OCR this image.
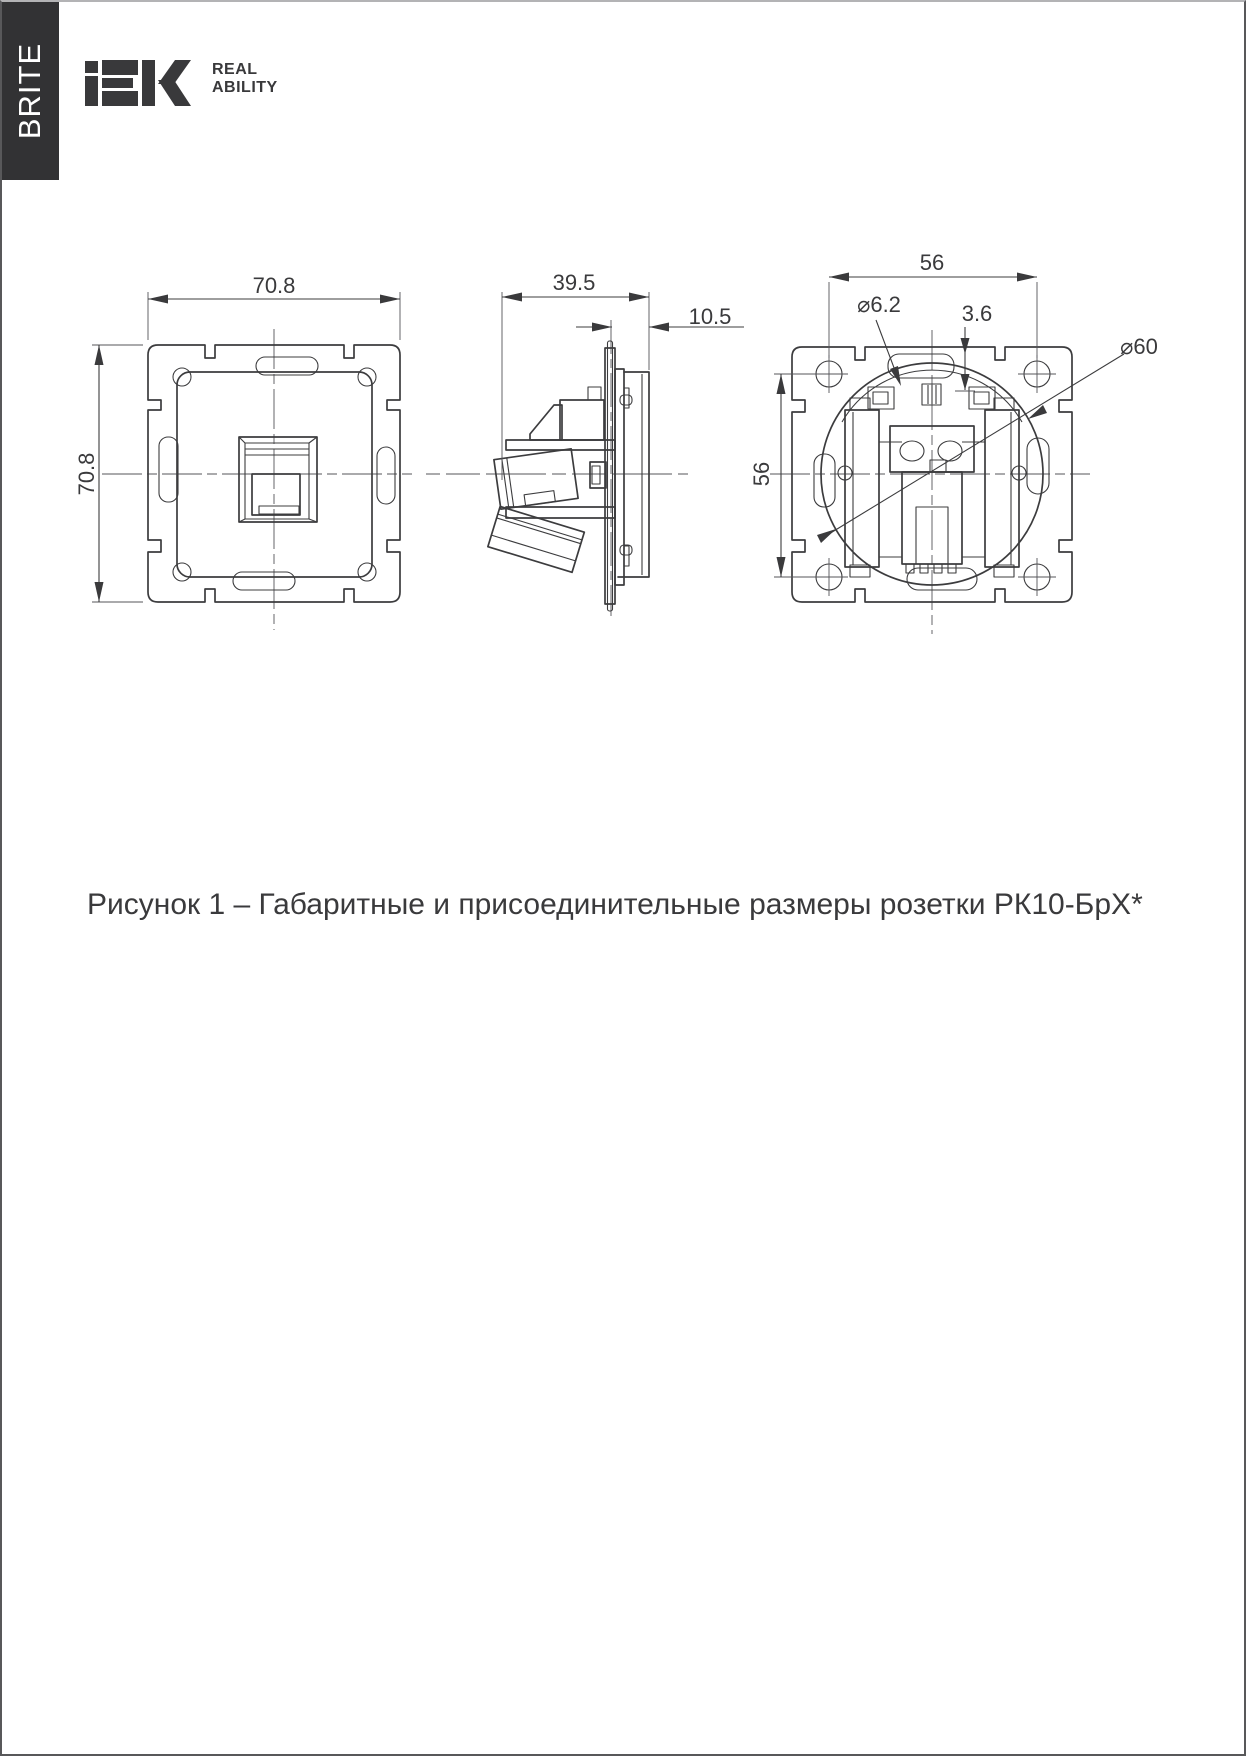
BRITE	REAL
ABILITY
70.8
70.8	39.5
10.5
56
56
⌀6.2	3.6
⌀60
Рисунок 1 – Габаритные и присоединительные размеры розетки РК10-БрХ*
